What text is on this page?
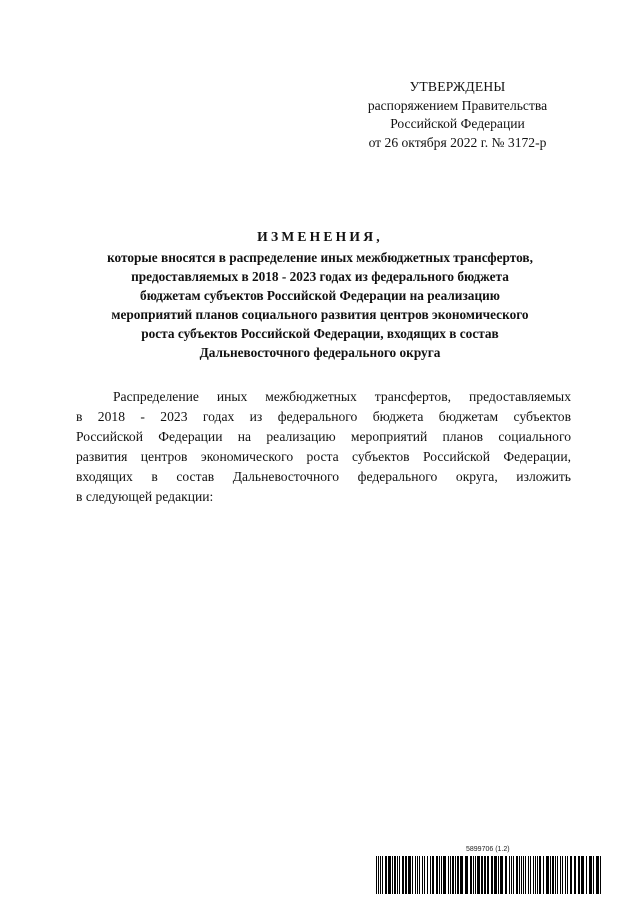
УТВЕРЖДЕНЫ
распоряжением Правительства
Российской Федерации
от 26 октября 2022 г. № 3172-р
ИЗМЕНЕНИЯ,
которые вносятся в распределение иных межбюджетных трансфертов,
предоставляемых в 2018 - 2023 годах из федерального бюджета
бюджетам субъектов Российской Федерации на реализацию
мероприятий планов социального развития центров экономического
роста субъектов Российской Федерации, входящих в состав
Дальневосточного федерального округа
Распределение иных межбюджетных трансфертов, предоставляемых
в 2018 - 2023 годах из федерального бюджета бюджетам субъектов
Российской Федерации на реализацию мероприятий планов социального
развития центров экономического роста субъектов Российской Федерации,
входящих в состав Дальневосточного федерального округа, изложить
в следующей редакции:
5899706 (1.2)
